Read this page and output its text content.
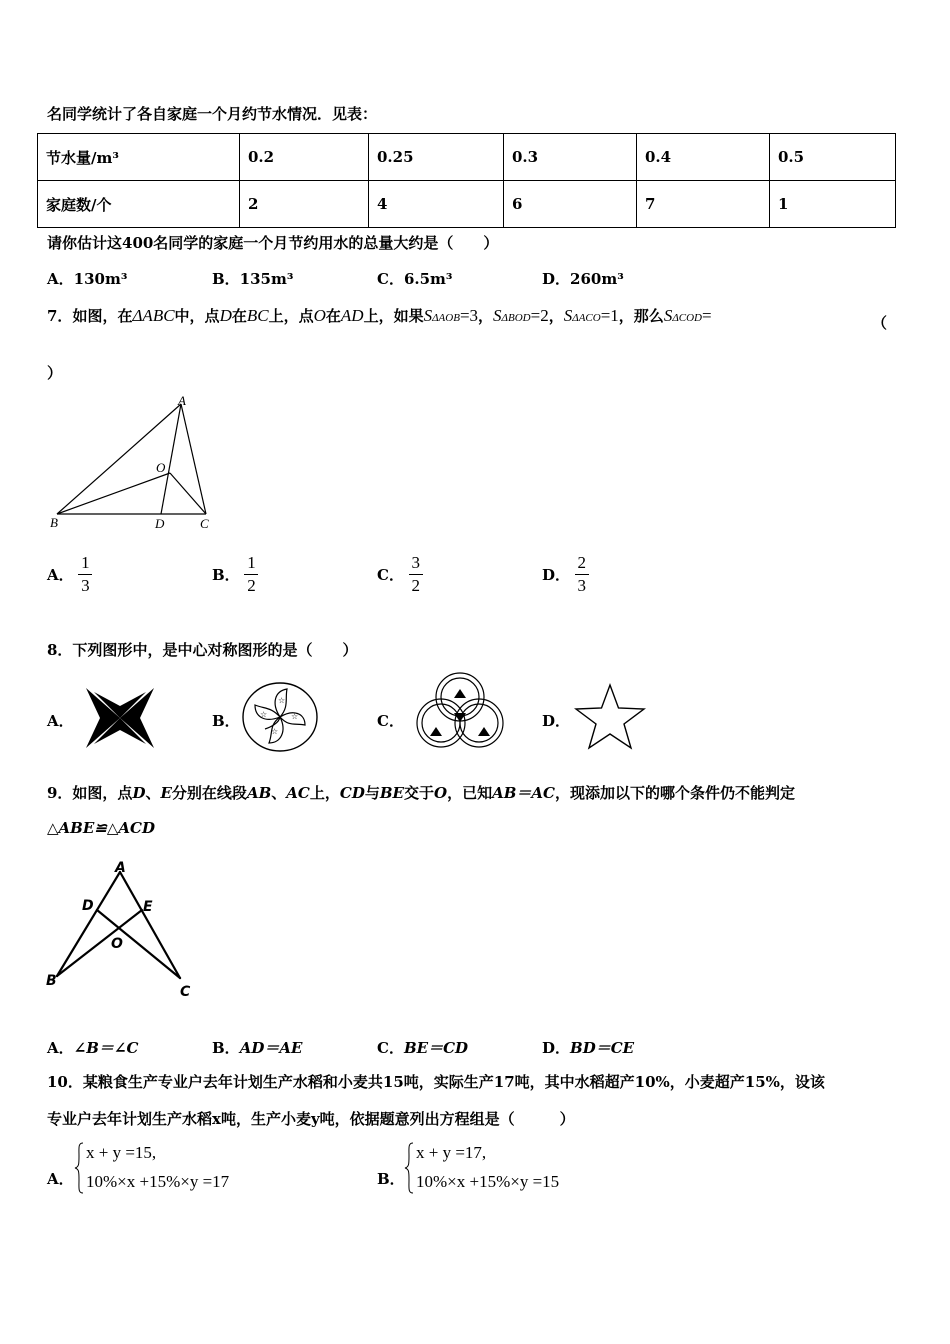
名同学统计了各自家庭一个月约节水情况．见表：
节水量/m³	0.2	0.25	0.3	0.4	0.5
家庭数/个	2	4	6	7	1
请你估计这400名同学的家庭一个月节约用水的总量大约是（　　）
A．130m³	B．135m³	C．6.5m³	D．260m³
7．如图，在ΔABC中，点D在BC上，点O在AD上，如果SΔAOB=3，SΔBOD=2，SΔACO=1，那么SΔCOD=	（
）
A
O
B	D	C
A． $\frac{1}{3}$	B． $\frac{1}{2}$	C． $\frac{3}{2}$	D． $\frac{2}{3}$
8．下列图形中，是中心对称图形的是（　　）
A．	B．
☆
☆
☆
☆	C．	D．
9．如图，点D、E分别在线段AB、AC上，CD与BE交于O，已知AB＝AC，现添加以下的哪个条件仍不能判定
△ABE≌△ACD
A
D	E
O
B
C
A．∠B＝∠C	B．AD＝AE	C．BE＝CD	D．BD＝CE
10．某粮食生产专业户去年计划生产水稻和小麦共15吨，实际生产17吨，其中水稻超产10%，小麦超产15%，设该
专业户去年计划生产水稻x吨，生产小麦y吨，依据题意列出方程组是（　　　）
A．
x + y =15,
10%×x +15%×y =17	B．
x + y =17,
10%×x +15%×y =15
